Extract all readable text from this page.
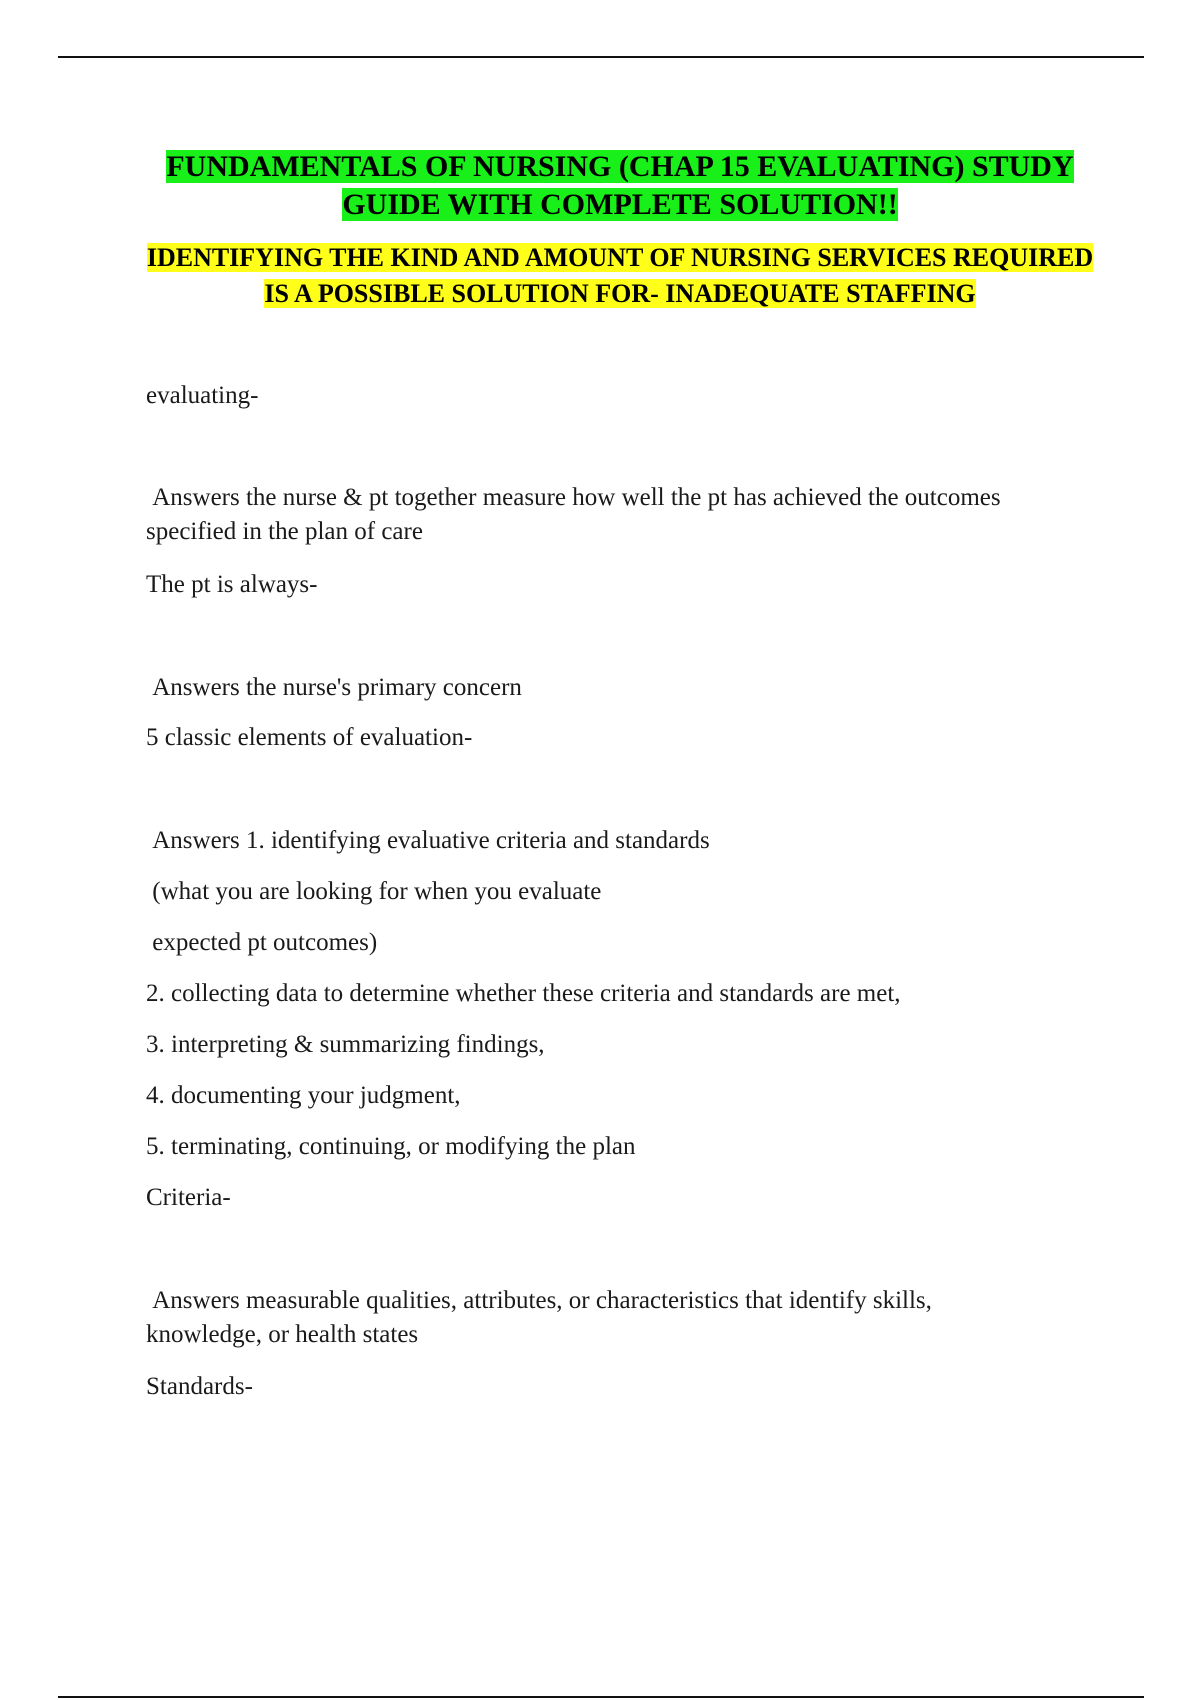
FUNDAMENTALS OF NURSING (CHAP 15 EVALUATING) STUDY GUIDE WITH COMPLETE SOLUTION!!
IDENTIFYING THE KIND AND AMOUNT OF NURSING SERVICES REQUIRED IS A POSSIBLE SOLUTION FOR- INADEQUATE STAFFING

evaluating-

Answers the nurse & pt together measure how well the pt has achieved the outcomes specified in the plan of care

The pt is always-

Answers the nurse's primary concern

5 classic elements of evaluation-

Answers 1. identifying evaluative criteria and standards

(what you are looking for when you evaluate

expected pt outcomes)

2. collecting data to determine whether these criteria and standards are met,

3. interpreting & summarizing findings,

4. documenting your judgment,

5. terminating, continuing, or modifying the plan

Criteria-

Answers measurable qualities, attributes, or characteristics that identify skills, knowledge, or health states

Standards-
